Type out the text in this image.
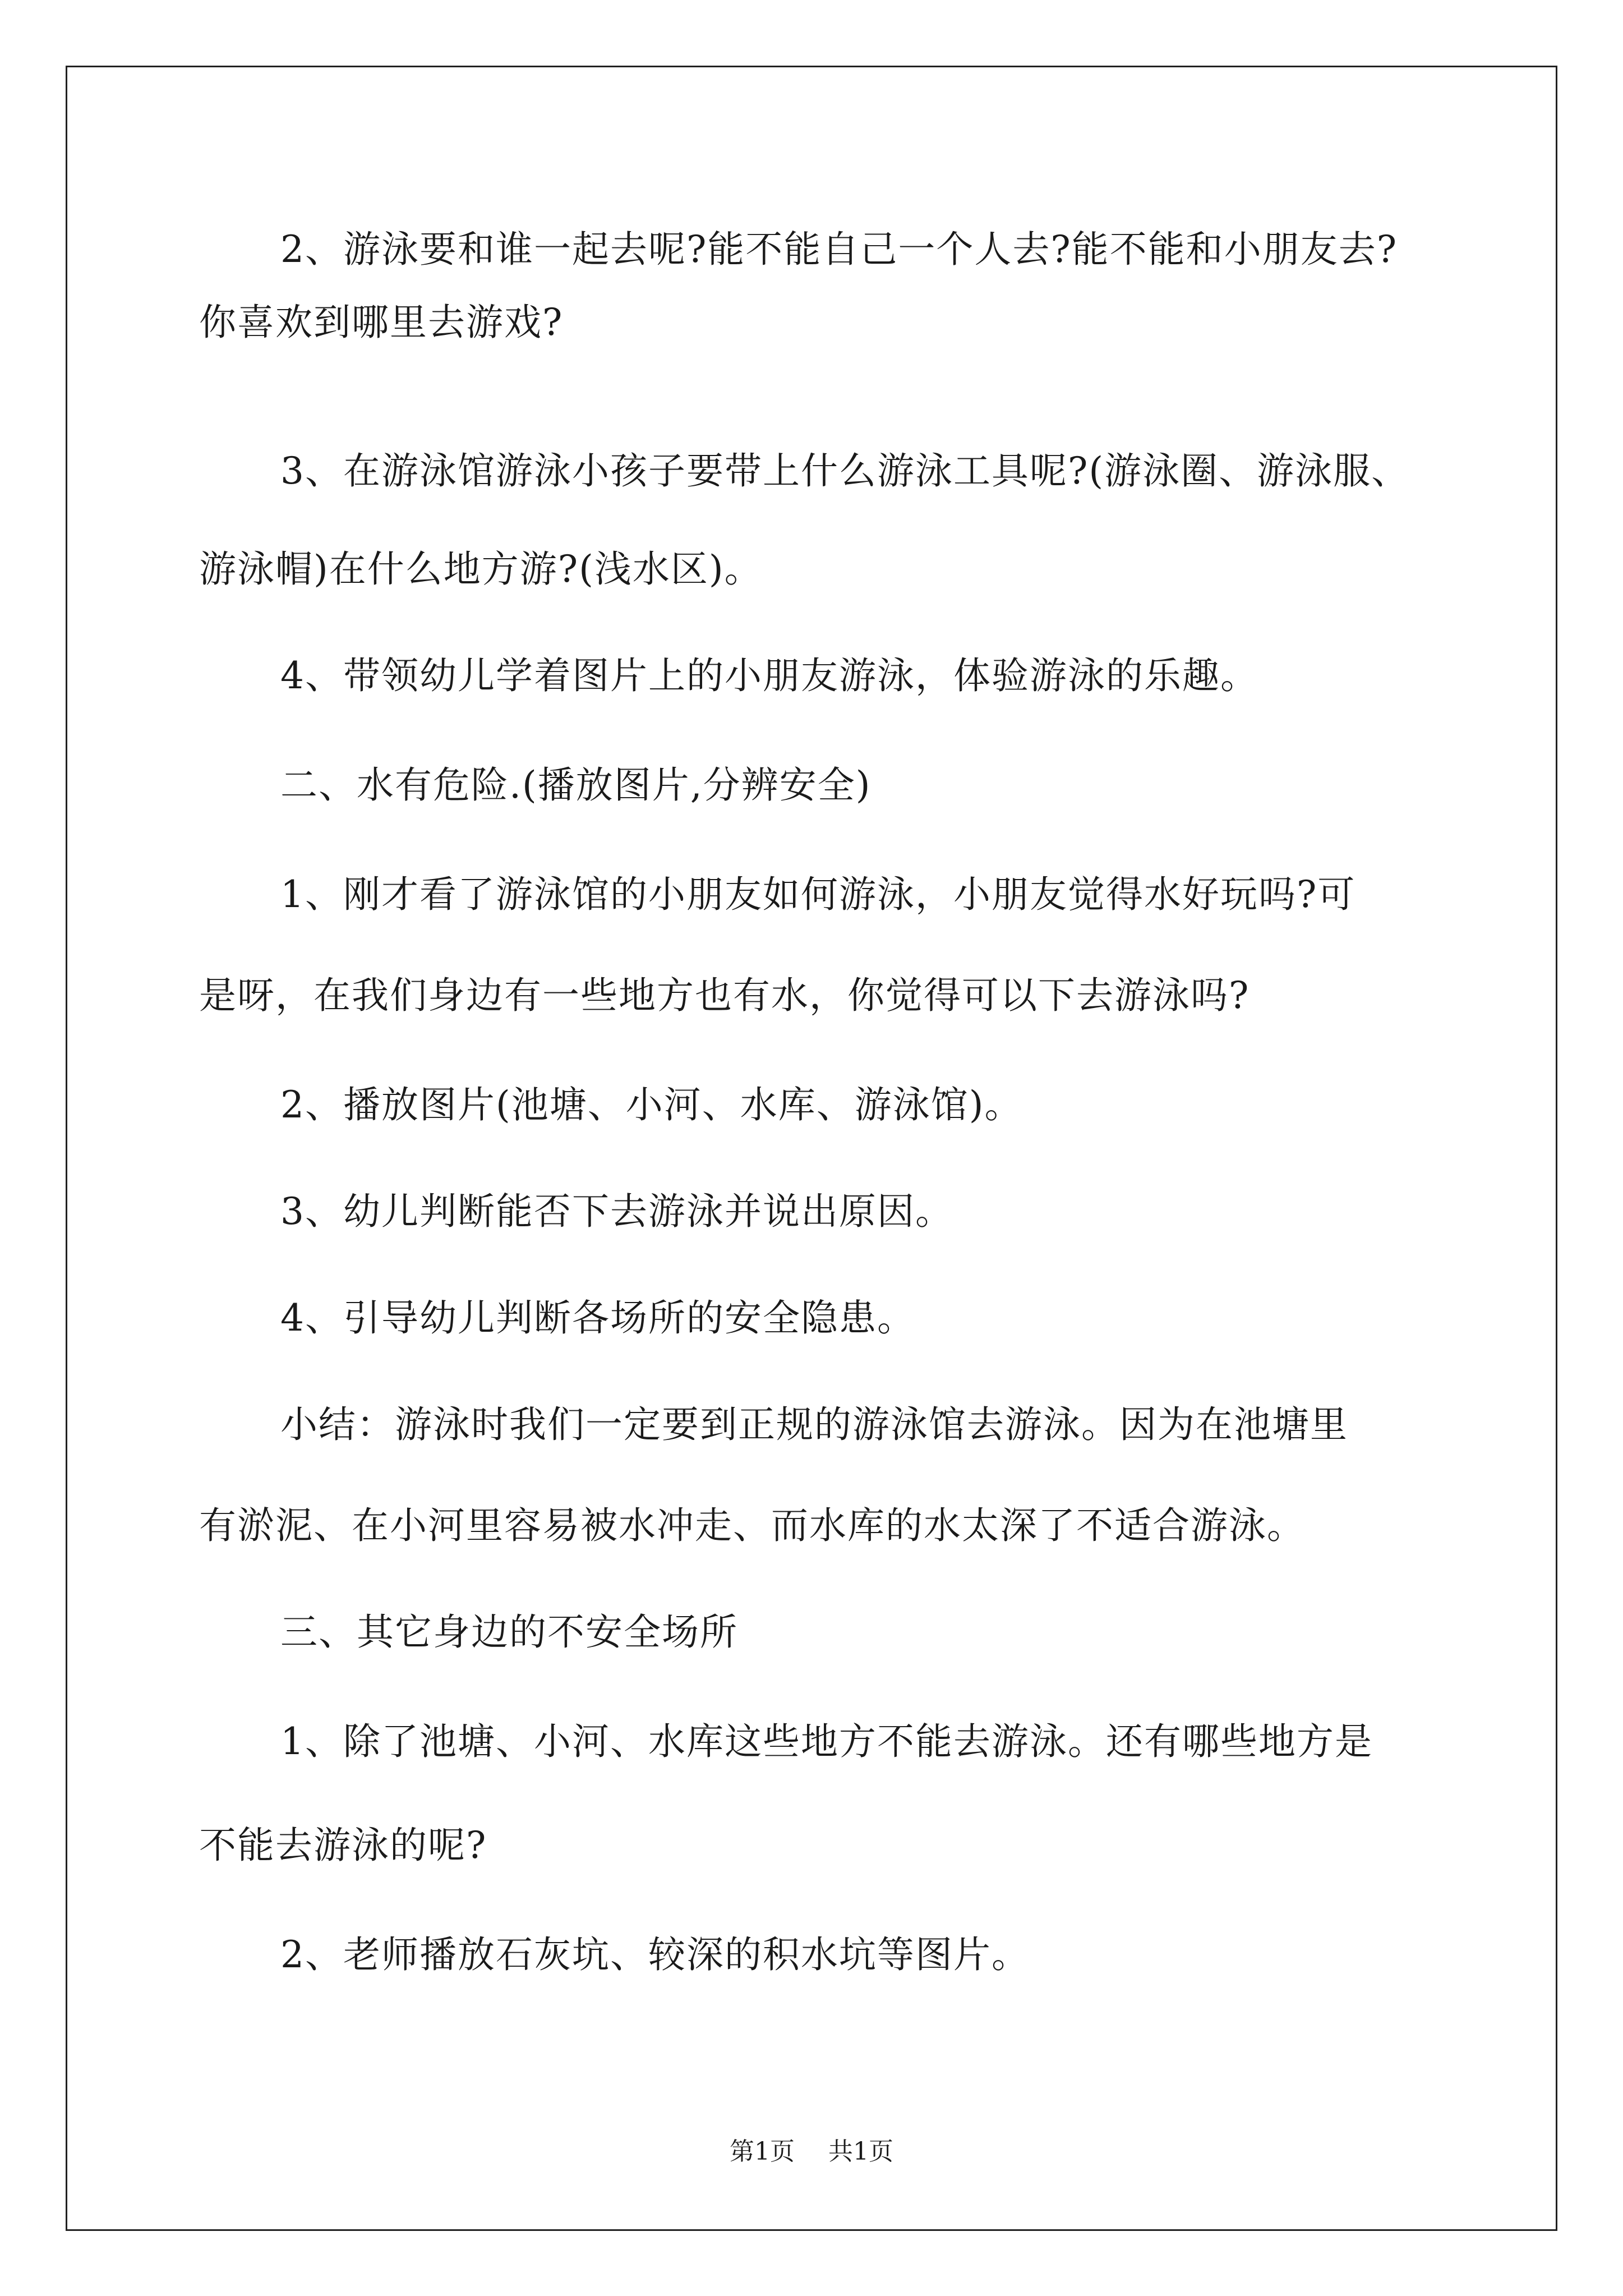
2、游泳要和谁一起去呢?能不能自己一个人去?能不能和小朋友去?
你喜欢到哪里去游戏?
3、在游泳馆游泳小孩子要带上什么游泳工具呢?(游泳圈、游泳服、
游泳帽)在什么地方游?(浅水区)。
4、带领幼儿学着图片上的小朋友游泳，体验游泳的乐趣。
二、水有危险.(播放图片,分辨安全)
1、刚才看了游泳馆的小朋友如何游泳，小朋友觉得水好玩吗?可
是呀，在我们身边有一些地方也有水，你觉得可以下去游泳吗?
2、播放图片(池塘、小河、水库、游泳馆)。
3、幼儿判断能否下去游泳并说出原因。
4、引导幼儿判断各场所的安全隐患。
小结：游泳时我们一定要到正规的游泳馆去游泳。因为在池塘里
有淤泥、在小河里容易被水冲走、而水库的水太深了不适合游泳。
三、其它身边的不安全场所
1、除了池塘、小河、水库这些地方不能去游泳。还有哪些地方是
不能去游泳的呢?
2、老师播放石灰坑、较深的积水坑等图片。
第1页 共1页
